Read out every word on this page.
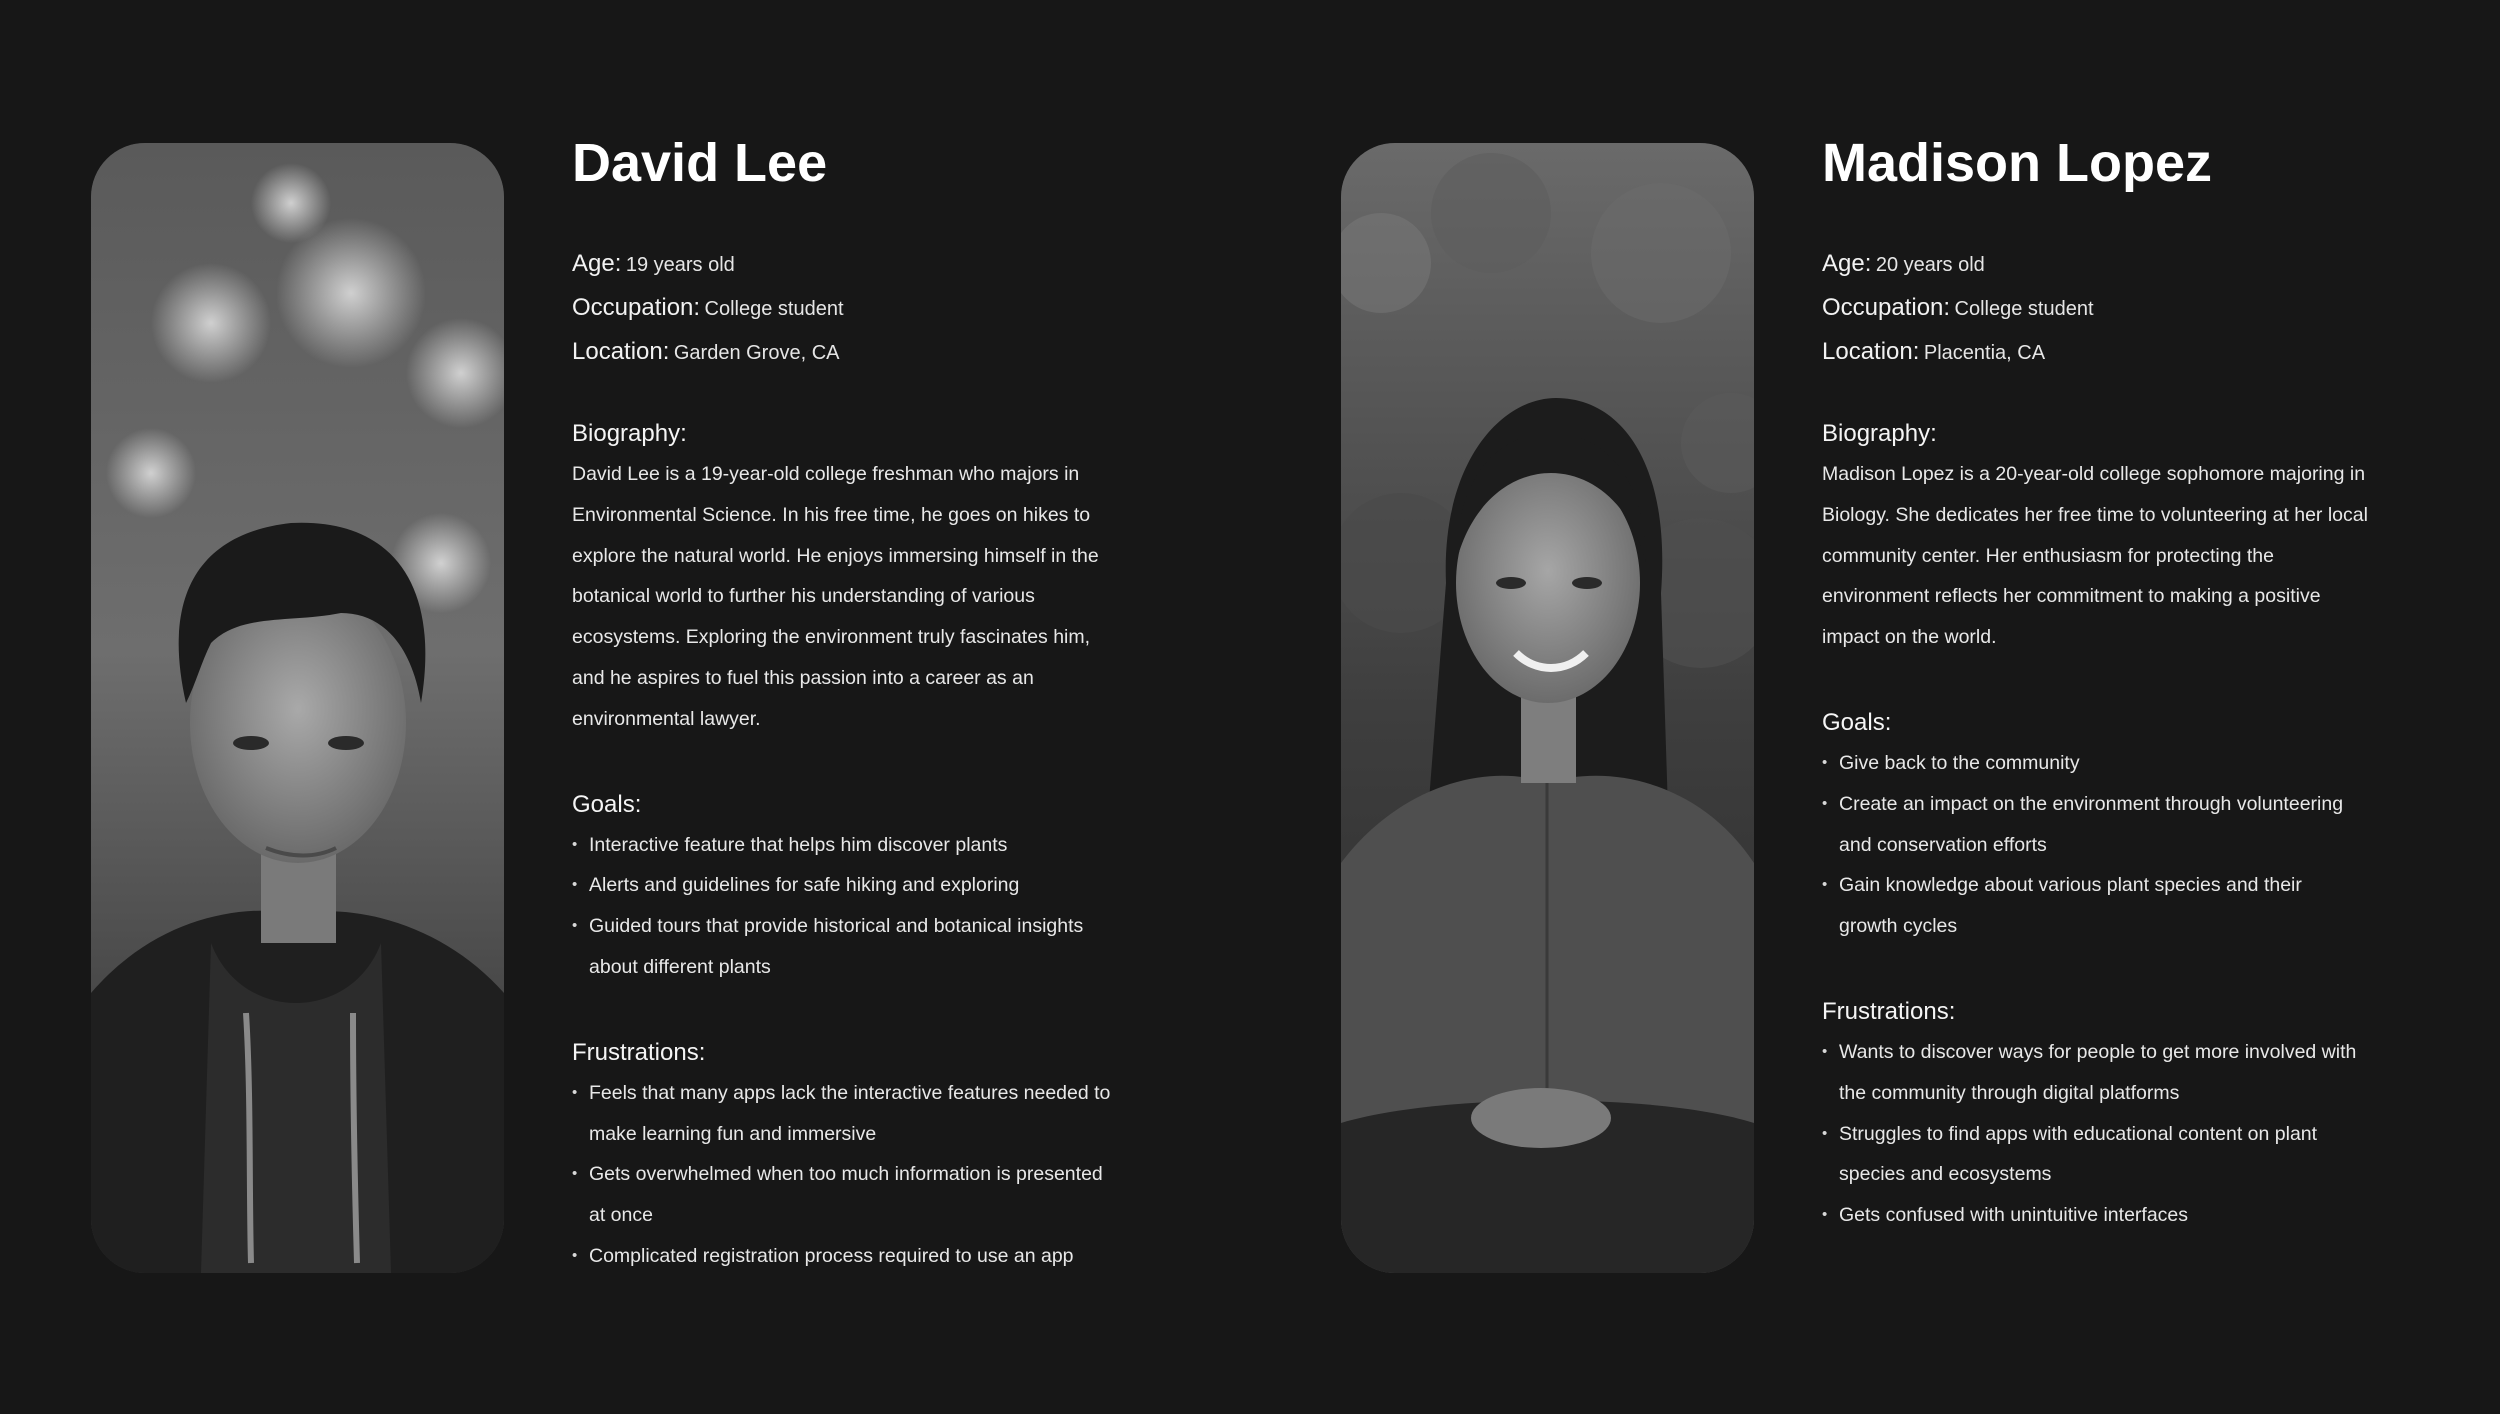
David Lee
Age: 19 years old
Occupation: College student
Location: Garden Grove, CA
Biography:

David Lee is a 19-year-old college freshman who majors in
Environmental Science. In his free time, he goes on hikes to
explore the natural world. He enjoys immersing himself in the
botanical world to further his understanding of various
ecosystems. Exploring the environment truly fascinates him,
and he aspires to fuel this passion into a career as an
environmental lawyer.

Goals:
• Interactive feature that helps him discover plants
• Alerts and guidelines for safe hiking and exploring
• Guided tours that provide historical and botanical insights
about different plants
Frustrations:
• Feels that many apps lack the interactive features needed to
make learning fun and immersive
• Gets overwhelmed when too much information is presented
at once
• Complicated registration process required to use an app
Madison Lopez
Age: 20 years old
Occupation: College student
Location: Placentia, CA
Biography:

Madison Lopez is a 20-year-old college sophomore majoring in
Biology. She dedicates her free time to volunteering at her local
community center. Her enthusiasm for protecting the
environment reflects her commitment to making a positive
impact on the world.

Goals:
• Give back to the community
• Create an impact on the environment through volunteering
and conservation efforts
• Gain knowledge about various plant species and their
growth cycles
Frustrations:
• Wants to discover ways for people to get more involved with
the community through digital platforms
• Struggles to find apps with educational content on plant
species and ecosystems
• Gets confused with unintuitive interfaces
